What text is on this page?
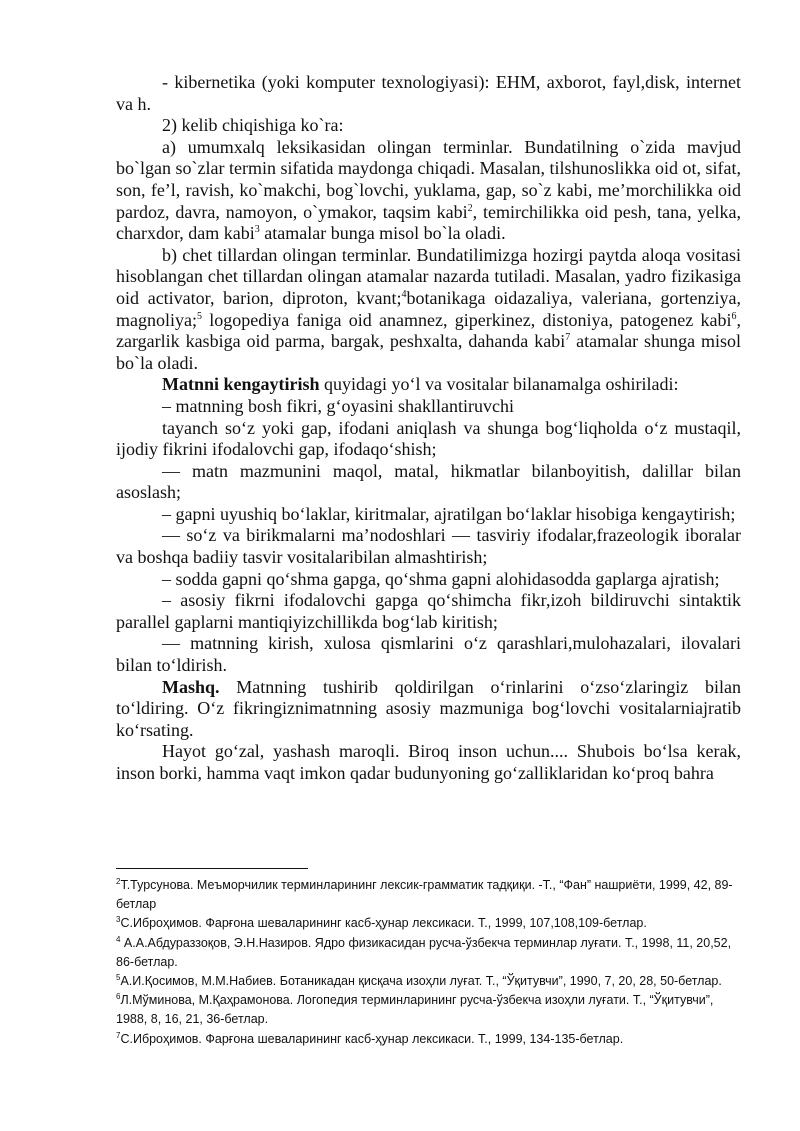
- kibernetika (yoki komputer texnologiyasi): EHM, axborot, fayl,disk, internet va h.

2) kelib chiqishiga ko`ra:

a) umumxalq leksikasidan olingan terminlar. Bundatilning o`zida mavjud bo`lgan so`zlar termin sifatida maydonga chiqadi. Masalan, tilshunoslikka oid ot, sifat, son, fe’l, ravish, ko`makchi, bog`lovchi, yuklama, gap, so`z kabi, me’morchilikka oid pardoz, davra, namoyon, o`ymakor, taqsim kabi$^2$, temirchilikka oid pesh, tana, yelka, charxdor, dam kabi$^3$ atamalar bunga misol bo`la oladi.

b) chet tillardan olingan terminlar. Bundatilimizga hozirgi paytda aloqa vositasi hisoblangan chet tillardan olingan atamalar nazarda tutiladi. Masalan, yadro fizikasiga oid activator, barion, diproton, kvant;$^4$botanikaga oidazaliya, valeriana, gortenziya, magnoliya;$^5$ logopediya faniga oid anamnez, giperkinez, distoniya, patogenez kabi$^6$, zargarlik kasbiga oid parma, bargak, peshxalta, dahanda kabi$^7$ atamalar shunga misol bo`la oladi.

Matnni kengaytirish quyidagi yo‘l va vositalar bilanamalga oshiriladi:

– matnning bosh fikri, g‘oyasini shakllantiruvchi

tayanch so‘z yoki gap, ifodani aniqlash va shunga bog‘liqholda o‘z mustaqil, ijodiy fikrini ifodalovchi gap, ifodaqo‘shish;

— matn mazmunini maqol, matal, hikmatlar bilanboyitish, dalillar bilan asoslash;

– gapni uyushiq bo‘laklar, kiritmalar, ajratilgan bo‘laklar hisobiga kengaytirish;

— so‘z va birikmalarni ma’nodoshlari — tasviriy ifodalar,frazeologik iboralar va boshqa badiiy tasvir vositalaribilan almashtirish;

– sodda gapni qo‘shma gapga, qo‘shma gapni alohidasodda gaplarga ajratish;

– asosiy fikrni ifodalovchi gapga qo‘shimcha fikr,izoh bildiruvchi sintaktik parallel gaplarni mantiqiyizchillikda bog‘lab kiritish;

— matnning kirish, xulosa qismlarini o‘z qarashlari,mulohazalari, ilovalari bilan to‘ldirish.

Mashq. Matnning tushirib qoldirilgan o‘rinlarini o‘zso‘zlaringiz bilan to‘ldiring. O‘z fikringiznimatnning asosiy mazmuniga bog‘lovchi vositalarniajratib ko‘rsating.

Hayot go‘zal, yashash maroqli. Biroq inson uchun.... Shubois bo‘lsa kerak, inson borki, hamma vaqt imkon qadar budunyoning go‘zalliklaridan ko‘proq bahra

$^2$Т.Турсунова. Меъморчилик терминларининг лексик-грамматик тадқиқи. -Т., “Фан” нашриёти, 1999, 42, 89-бетлар

$^3$С.Иброҳимов. Фарғона шеваларининг касб-ҳунар лексикаси. Т., 1999, 107,108,109-бетлар.

$^4$ А.А.Абдураззоқов, Э.Н.Назиров. Ядро физикасидан русча-ўзбекча терминлар луғати. Т., 1998, 11, 20,52, 86-бетлар.

$^5$А.И.Қосимов, М.М.Набиев. Ботаникадан қисқача изоҳли луғат. Т., “Ўқитувчи”, 1990, 7, 20, 28, 50-бетлар.

$^6$Л.Мўминова, М.Қаҳрамонова. Логопедия терминларининг русча-ўзбекча изоҳли луғати. Т., “Ўқитувчи”, 1988, 8, 16, 21, 36-бетлар.

$^7$С.Иброҳимов. Фарғона шеваларининг касб-ҳунар лексикаси. Т., 1999, 134-135-бетлар.
